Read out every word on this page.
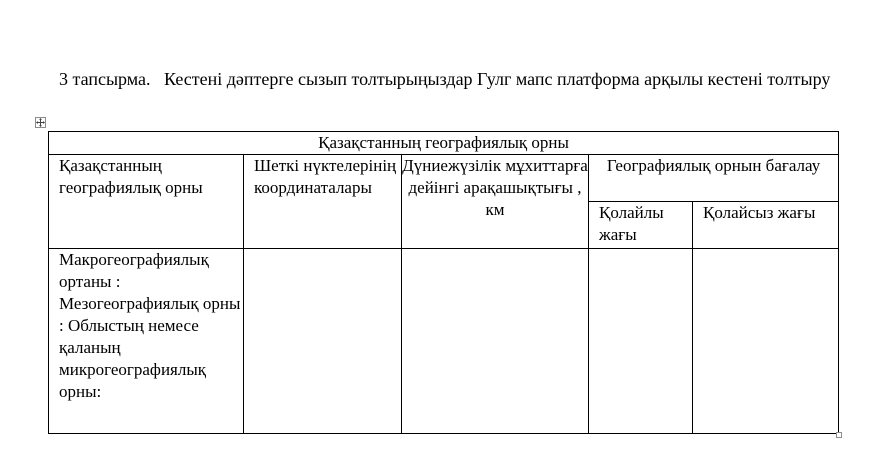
3 тапсырма.   Кестені дәптерге сызып толтырыңыздар Гулг мапс платформа арқылы кестені толтыру
Қазақстанның географиялық орны				

Қазақстанның географиялық орны	Шеткі нүктелерінің координаталары	Дүниежүзілік мұхиттарға дейінгі арақашықтығы , км	Географиялық орнын бағалау	

			Қолайлы жағы	Қолайсыз жағы

Макрогеографиялық ортаны : Мезогеографиялық орны : Облыстың немесе қаланың микрогеографиялық орны:				
